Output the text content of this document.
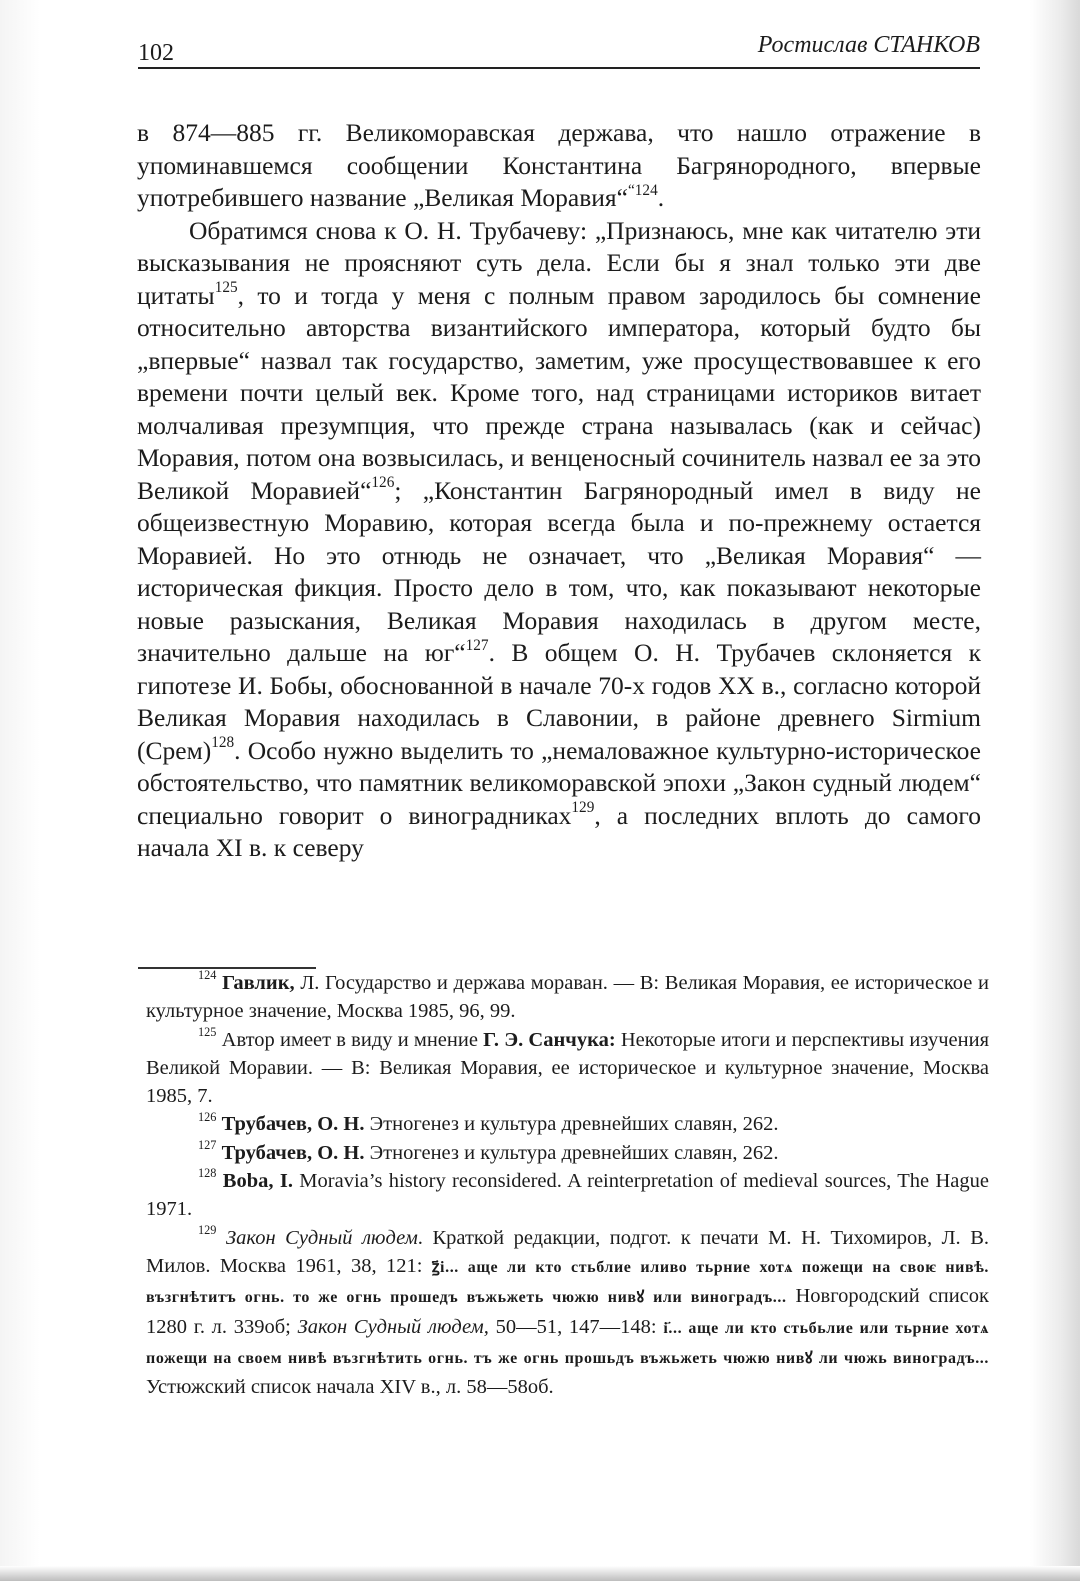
102	Ростислав СТАНКОВ

в 874—885 гг. Великоморавская держава, что нашло отражение в упоминавшемся сообщении Константина Багрянородного, впервые употребившего название „Великая Моравия“$^{“124}$.

Обратимся снова к О. Н. Трубачеву: „Признаюсь, мне как читателю эти высказывания не проясняют суть дела. Если бы я знал только эти две цитаты$^{125}$, то и тогда у меня с полным правом зародилось бы сомнение относительно авторства византийского императора, который будто бы „впервые“ назвал так государство, заметим, уже просуществовавшее к его времени почти целый век. Кроме того, над страницами историков витает молчаливая презумпция, что прежде страна называлась (как и сейчас) Моравия, потом она возвысилась, и венценосный сочинитель назвал ее за это Великой Моравией“$^{126}$; „Константин Багрянородный имел в виду не общеизвестную Моравию, которая всегда была и по-прежнему остается Моравией. Но это отнюдь не означает, что „Великая Моравия“ — историческая фикция. Просто дело в том, что, как показывают некоторые новые разыскания, Великая Моравия находилась в другом месте, значительно дальше на юг“$^{127}$. В общем О. Н. Трубачев склоняется к гипотезе И. Бобы, обоснованной в начале 70-х годов XX в., согласно которой Великая Моравия находилась в Славонии, в районе древнего Sirmium (Срем)$^{128}$. Особо нужно выделить то „немаловажное культурно-историческое обстоятельство, что памятник великоморавской эпохи „Закон судный людем“ специально говорит о виноградниках$^{129}$, а последних вплоть до самого начала XI в. к северу

$^{124}$ Гавлик, Л. Государство и держава мораван. — В: Великая Моравия, ее историческое и культурное значение, Москва 1985, 96, 99.

$^{125}$ Автор имеет в виду и мнение Г. Э. Санчука: Некоторые итоги и перспективы изучения Великой Моравии. — В: Великая Моравия, ее историческое и культурное значение, Москва 1985, 7.

$^{126}$ Трубачев, О. Н. Этногенез и культура древнейших славян, 262.

$^{127}$ Трубачев, О. Н. Этногенез и культура древнейших славян, 262.

$^{128}$ Boba, I. Moravia’s history reconsidered. A reinterpretation of medieval sources, The Hague 1971.

$^{129}$ Закон Судный людем. Краткой редакции, подгот. к печати М. Н. Тихомиров, Л. В. Милов. Москва 1961, 38, 121: ꙁ҃і... аще ли кто стьблие иливо тьрние хотѧ пожещи на своѥ нивѣ. възгнѣтитъ огнь. то же огнь прошедъ въжьжеть чюжю нивꙋ или виноградъ... Новгородский список 1280 г. л. 339об; Закон Судный людем, 50—51, 147—148: і҃... аще ли кто стьбьлие или тьрние хотѧ пожещи на своем нивѣ възгнѣтить огнь. тъ же огнь прошьдъ въжьжеть чюжю нивꙋ ли чюжь виноградъ... Устюжский список начала XIV в., л. 58—58об.
